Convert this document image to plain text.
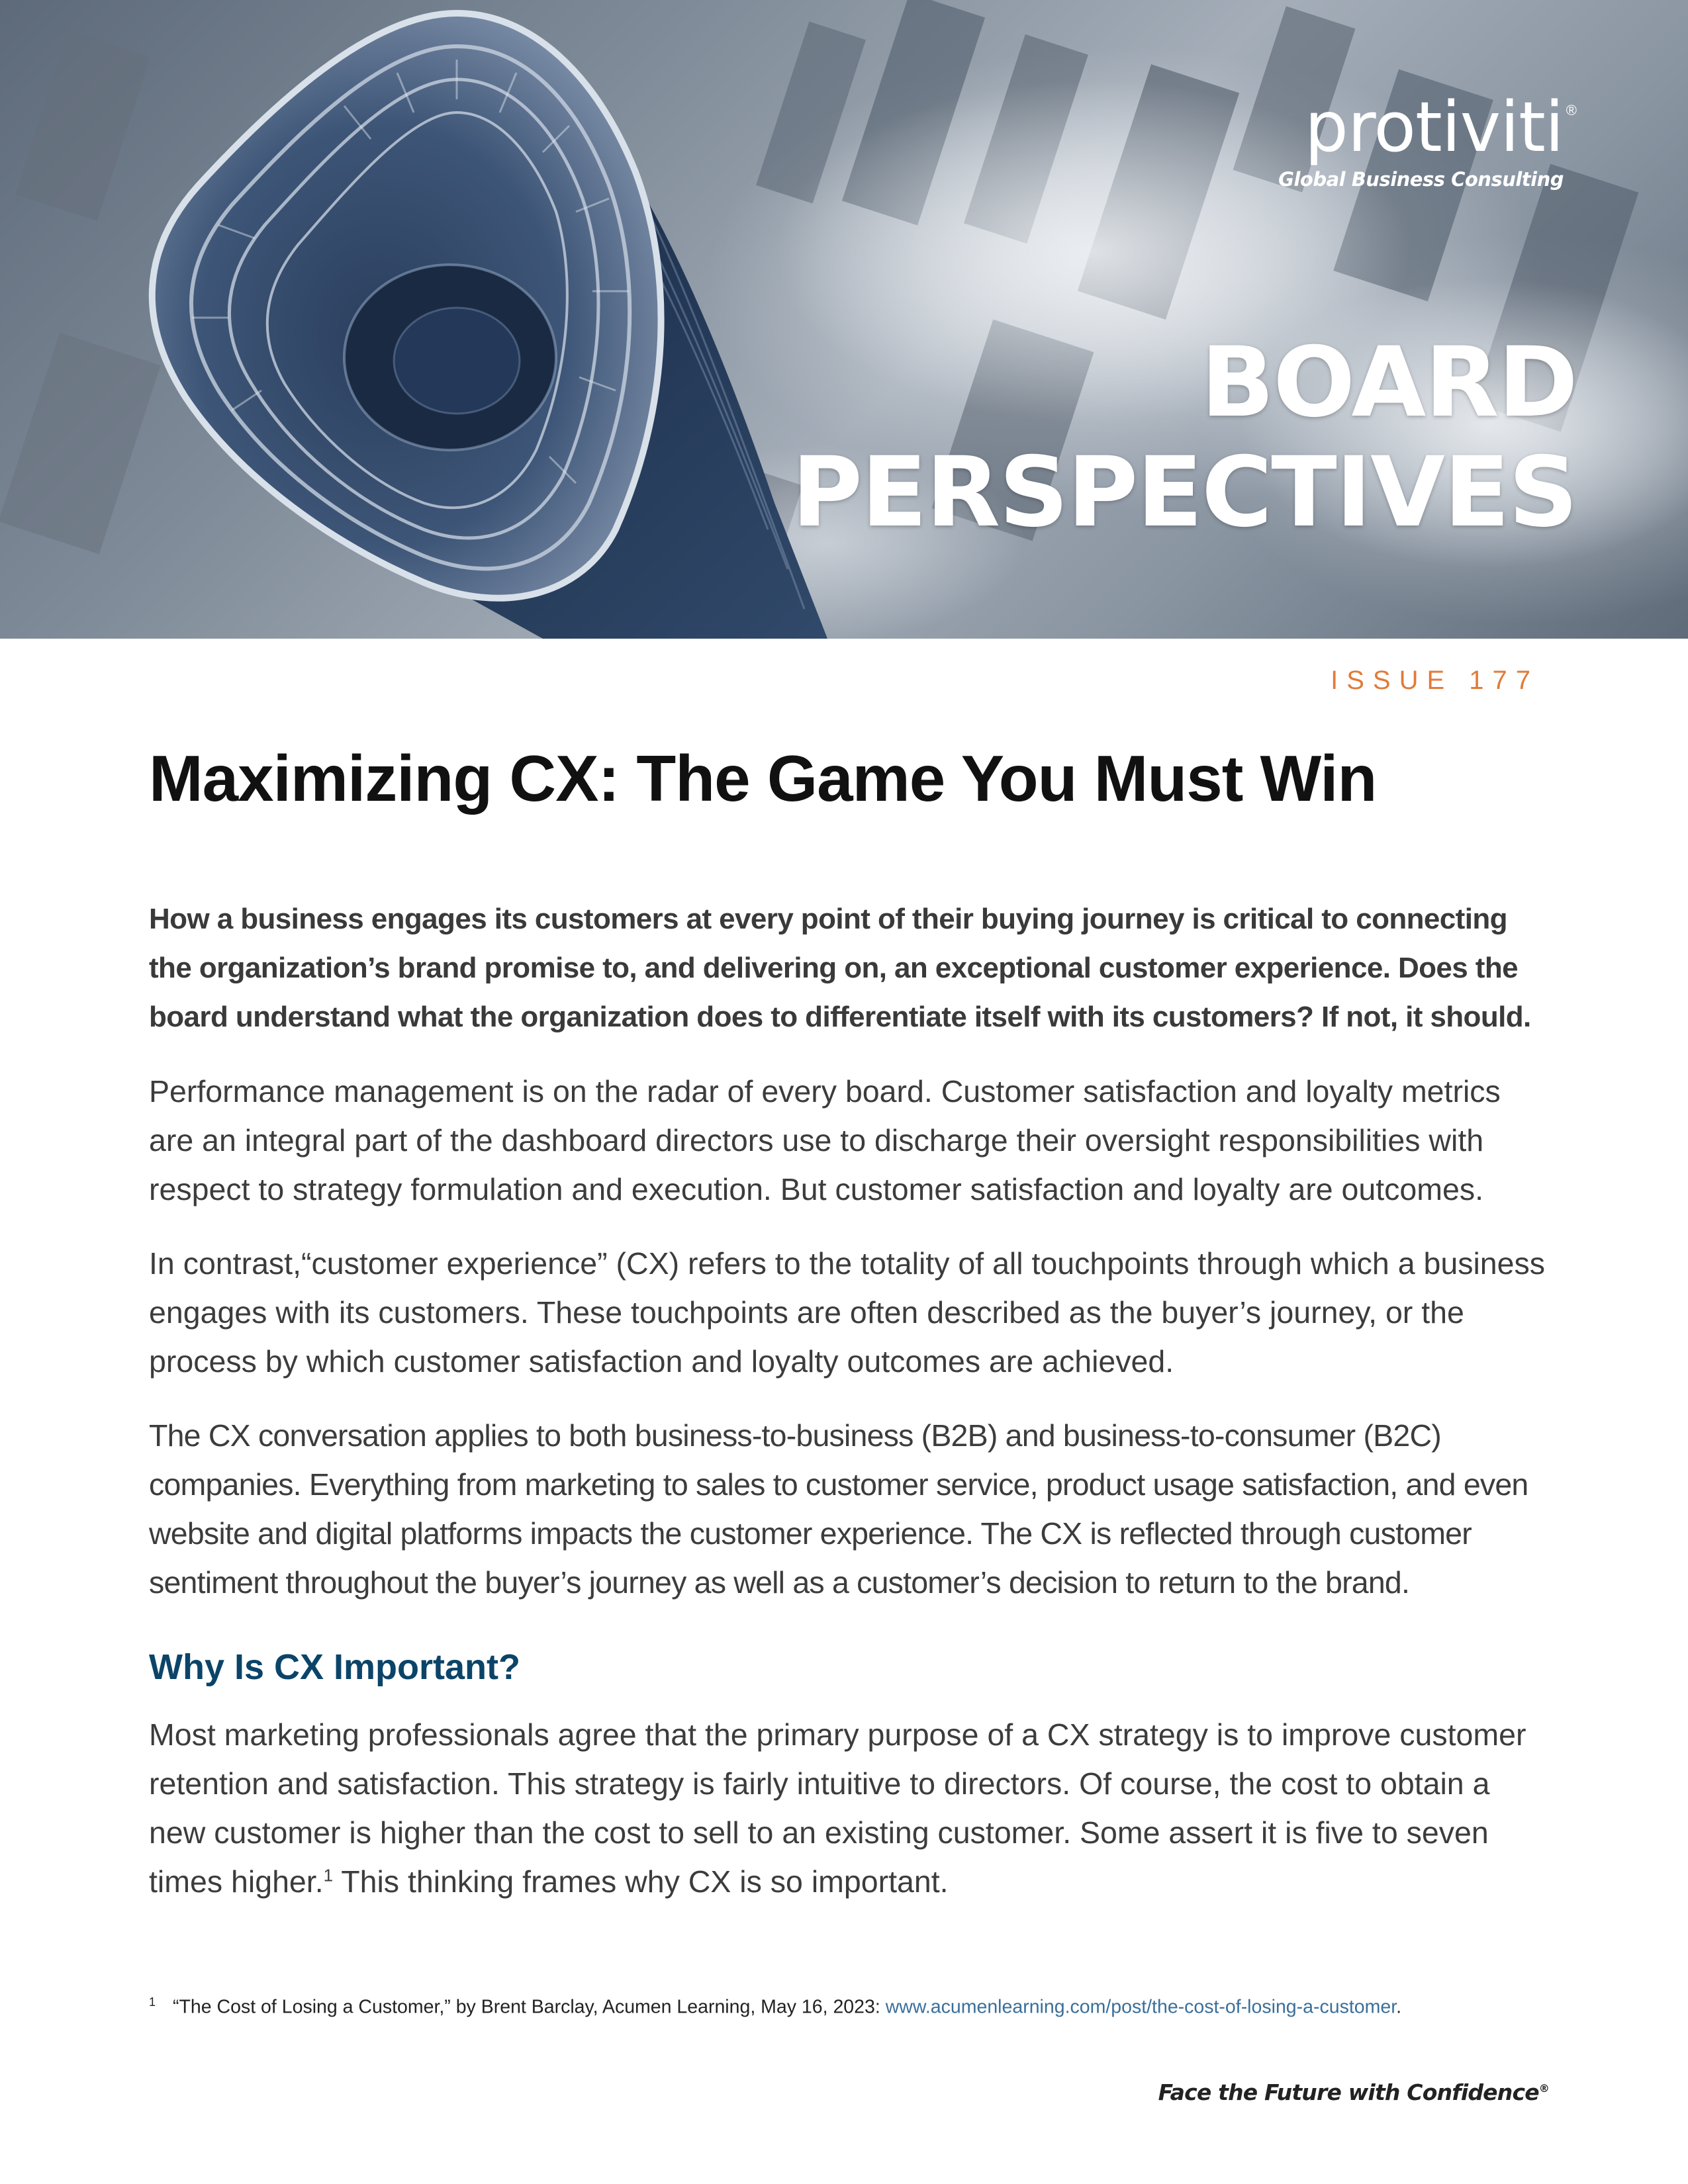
protiviti ®
Global Business Consulting
BOARD
PERSPECTIVES
ISSUE 177
Maximizing CX: The Game You Must Win

How a business engages its customers at every point of their buying journey is critical to connecting the organization’s brand promise to, and delivering on, an exceptional customer experience. Does the board understand what the organization does to differentiate itself with its customers? If not, it should.

Performance management is on the radar of every board. Customer satisfaction and loyalty metrics are an integral part of the dashboard directors use to discharge their oversight responsibilities with respect to strategy formulation and execution. But customer satisfaction and loyalty are outcomes.

In contrast,“customer experience” (CX) refers to the totality of all touchpoints through which a business engages with its customers. These touchpoints are often described as the buyer’s journey, or the process by which customer satisfaction and loyalty outcomes are achieved.

The CX conversation applies to both business-to-business (B2B) and business-to-consumer (B2C) companies. Everything from marketing to sales to customer service, product usage satisfaction, and even website and digital platforms impacts the customer experience. The CX is reflected through customer sentiment throughout the buyer’s journey as well as a customer’s decision to return to the brand.

Why Is CX Important?

Most marketing professionals agree that the primary purpose of a CX strategy is to improve customer retention and satisfaction. This strategy is fairly intuitive to directors. Of course, the cost to obtain a new customer is higher than the cost to sell to an existing customer. Some assert it is five to seven times higher.$^1$ This thinking frames why CX is so important.

$^1$ “The Cost of Losing a Customer,” by Brent Barclay, Acumen Learning, May 16, 2023: www.acumenlearning.com/post/the-cost-of-losing-a-customer.
Face the Future with Confidence®
